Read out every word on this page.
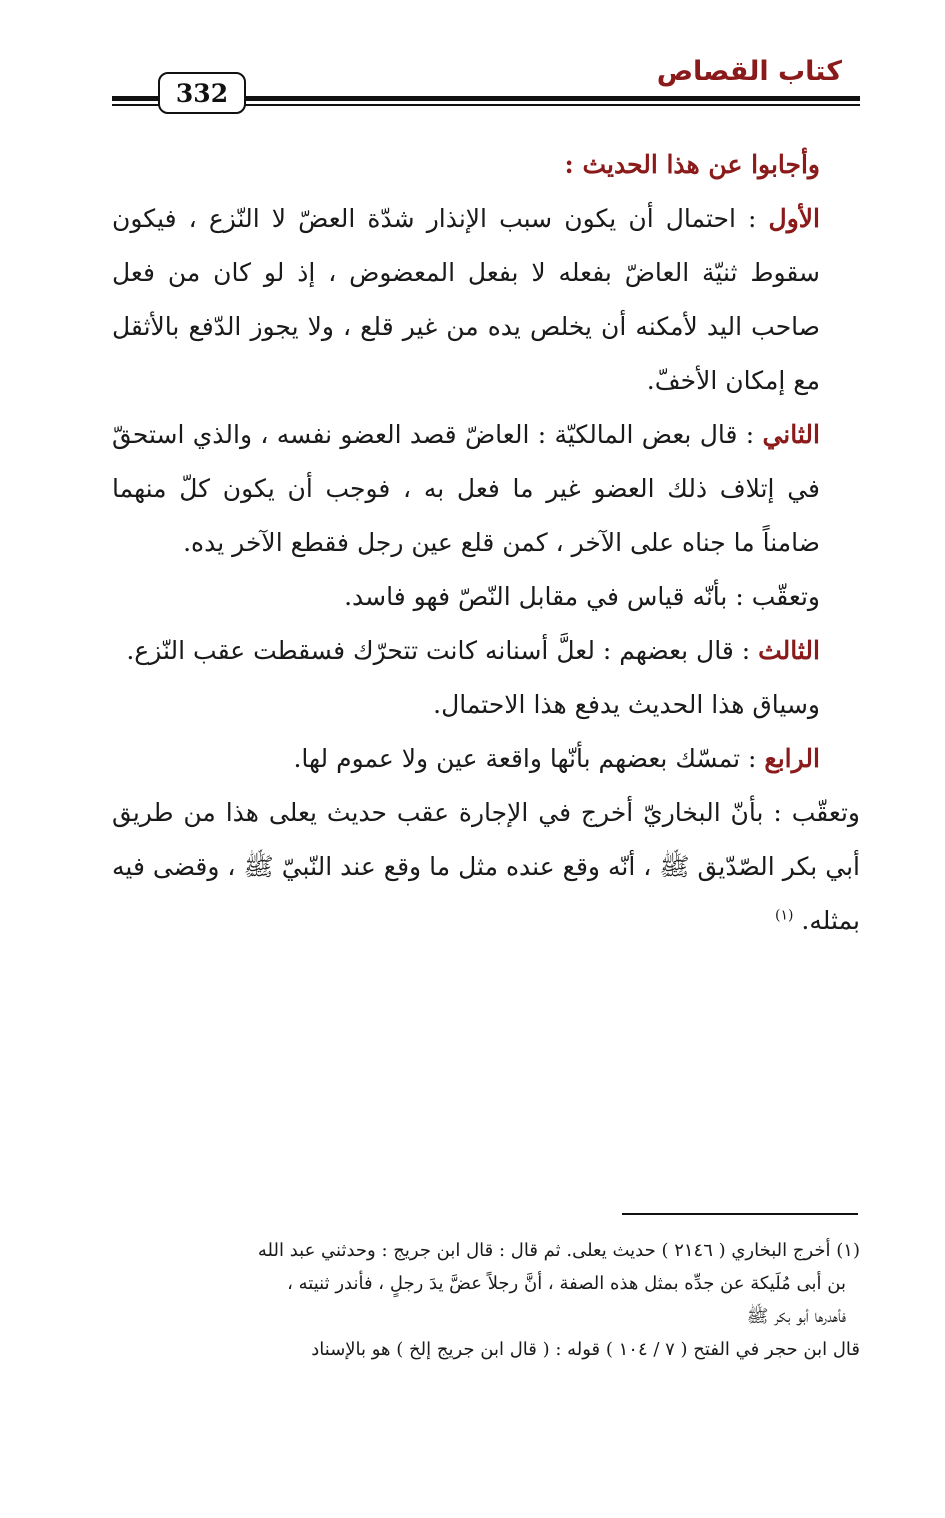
332
كتاب القصاص

وأجابوا عن هذا الحديث :

الأول : احتمال أن يكون سبب الإنذار شدّة العضّ لا النّزع ، فيكون سقوط ثنيّة العاضّ بفعله لا بفعل المعضوض ، إذ لو كان من فعل صاحب اليد لأمكنه أن يخلص يده من غير قلع ، ولا يجوز الدّفع بالأثقل مع إمكان الأخفّ.

الثاني : قال بعض المالكيّة : العاضّ قصد العضو نفسه ، والذي استحقّ في إتلاف ذلك العضو غير ما فعل به ، فوجب أن يكون كلّ منهما ضامناً ما جناه على الآخر ، كمن قلع عين رجل فقطع الآخر يده.

وتعقّب : بأنّه قياس في مقابل النّصّ فهو فاسد.

الثالث : قال بعضهم : لعلَّ أسنانه كانت تتحرّك فسقطت عقب النّزع.

وسياق هذا الحديث يدفع هذا الاحتمال.

الرابع : تمسّك بعضهم بأنّها واقعة عين ولا عموم لها.

وتعقّب : بأنّ البخاريّ أخرج في الإجارة عقب حديث يعلى هذا من طريق أبي بكر الصّدّيق ﷺ ، أنّه وقع عنده مثل ما وقع عند النّبيّ ﷺ ، وقضى فيه بمثله. $^{(١)}$

(١) أخرج البخاري ( ٢١٤٦ ) حديث يعلى. ثم قال : قال ابن جريج : وحدثني عبد الله

بن أبى مُلَيكة عن جدِّه بمثل هذه الصفة ، أنَّ رجلاً عضَّ يدَ رجلٍ ، فأندر ثنيته ،

فأهدرها أبو بكر ﷺ

قال ابن حجر في الفتح ( ٧ / ١٠٤ ) قوله : ( قال ابن جريج إلخ ) هو بالإسناد
